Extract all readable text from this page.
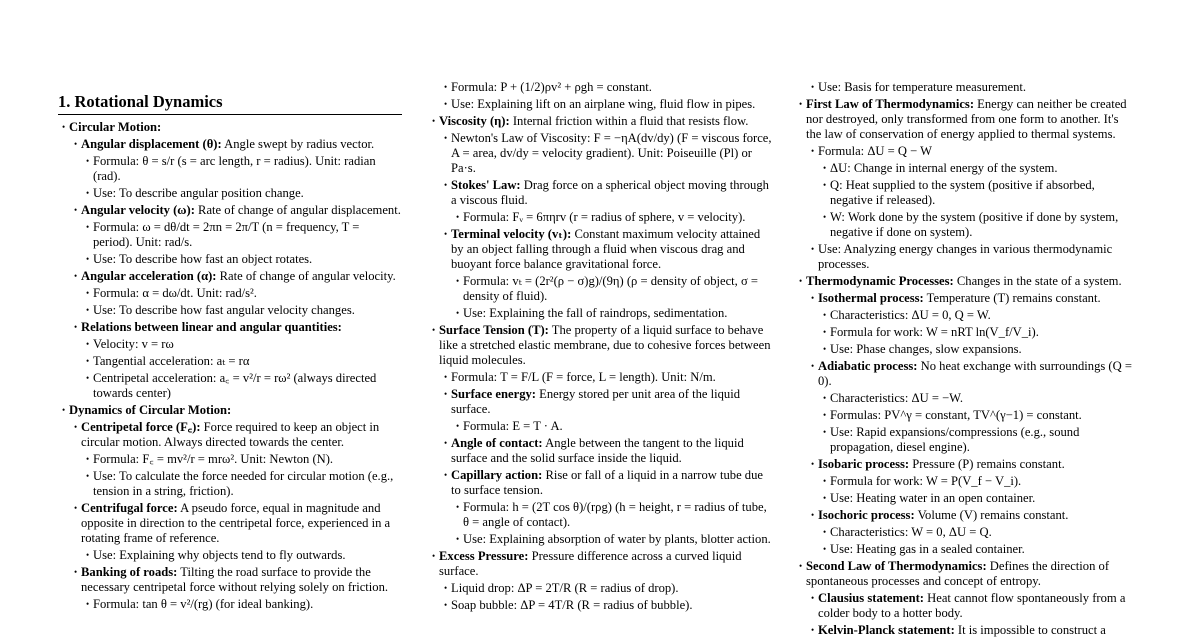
1. Rotational Dynamics
• Circular Motion:
• Angular displacement (θ): Angle swept by radius vector.
• Formula: θ = s/r (s = arc length, r = radius). Unit: radian (rad).
• Use: To describe angular position change.
• Angular velocity (ω): Rate of change of angular displacement.
• Formula: ω = dθ/dt = 2πn = 2π/T (n = frequency, T = period). Unit: rad/s.
• Use: To describe how fast an object rotates.
• Angular acceleration (α): Rate of change of angular velocity.
• Formula: α = dω/dt. Unit: rad/s².
• Use: To describe how fast angular velocity changes.
• Relations between linear and angular quantities:
• Velocity: v = rω
• Tangential acceleration: aₜ = rα
• Centripetal acceleration: a꜀ = v²/r = rω² (always directed towards center)
• Dynamics of Circular Motion:
• Centripetal force (F꜀): Force required to keep an object in circular motion. Always directed towards the center.
• Formula: F꜀ = mv²/r = mrω². Unit: Newton (N).
• Use: To calculate the force needed for circular motion (e.g., tension in a string, friction).
• Centrifugal force: A pseudo force, equal in magnitude and opposite in direction to the centripetal force, experienced in a rotating frame of reference.
• Use: Explaining why objects tend to fly outwards.
• Banking of roads: Tilting the road surface to provide the necessary centripetal force without relying solely on friction.
• Formula: tan θ = v²/(rg) (for ideal banking).
• Formula: P + (1/2)ρv² + ρgh = constant.
• Use: Explaining lift on an airplane wing, fluid flow in pipes.
• Viscosity (η): Internal friction within a fluid that resists flow.
• Newton's Law of Viscosity: F = −ηA(dv/dy) (F = viscous force, A = area, dv/dy = velocity gradient). Unit: Poiseuille (Pl) or Pa·s.
• Stokes' Law: Drag force on a spherical object moving through a viscous fluid.
• Formula: Fᵥ = 6πηrv (r = radius of sphere, v = velocity).
• Terminal velocity (vₜ): Constant maximum velocity attained by an object falling through a fluid when viscous drag and buoyant force balance gravitational force.
• Formula: vₜ = (2r²(ρ − σ)g)/(9η) (ρ = density of object, σ = density of fluid).
• Use: Explaining the fall of raindrops, sedimentation.
• Surface Tension (T): The property of a liquid surface to behave like a stretched elastic membrane, due to cohesive forces between liquid molecules.
• Formula: T = F/L (F = force, L = length). Unit: N/m.
• Surface energy: Energy stored per unit area of the liquid surface.
• Formula: E = T · A.
• Angle of contact: Angle between the tangent to the liquid surface and the solid surface inside the liquid.
• Capillary action: Rise or fall of a liquid in a narrow tube due to surface tension.
• Formula: h = (2T cos θ)/(rρg) (h = height, r = radius of tube, θ = angle of contact).
• Use: Explaining absorption of water by plants, blotter action.
• Excess Pressure: Pressure difference across a curved liquid surface.
• Liquid drop: ΔP = 2T/R (R = radius of drop).
• Soap bubble: ΔP = 4T/R (R = radius of bubble).
• Use: Basis for temperature measurement.
• First Law of Thermodynamics: Energy can neither be created nor destroyed, only transformed from one form to another. It's the law of conservation of energy applied to thermal systems.
• Formula: ΔU = Q − W
• ΔU: Change in internal energy of the system.
• Q: Heat supplied to the system (positive if absorbed, negative if released).
• W: Work done by the system (positive if done by system, negative if done on system).
• Use: Analyzing energy changes in various thermodynamic processes.
• Thermodynamic Processes: Changes in the state of a system.
• Isothermal process: Temperature (T) remains constant.
• Characteristics: ΔU = 0, Q = W.
• Formula for work: W = nRT ln(V_f/V_i).
• Use: Phase changes, slow expansions.
• Adiabatic process: No heat exchange with surroundings (Q = 0).
• Characteristics: ΔU = −W.
• Formulas: PV^γ = constant, TV^(γ−1) = constant.
• Use: Rapid expansions/compressions (e.g., sound propagation, diesel engine).
• Isobaric process: Pressure (P) remains constant.
• Formula for work: W = P(V_f − V_i).
• Use: Heating water in an open container.
• Isochoric process: Volume (V) remains constant.
• Characteristics: W = 0, ΔU = Q.
• Use: Heating gas in a sealed container.
• Second Law of Thermodynamics: Defines the direction of spontaneous processes and concept of entropy.
• Clausius statement: Heat cannot flow spontaneously from a colder body to a hotter body.
• Kelvin-Planck statement: It is impossible to construct a
